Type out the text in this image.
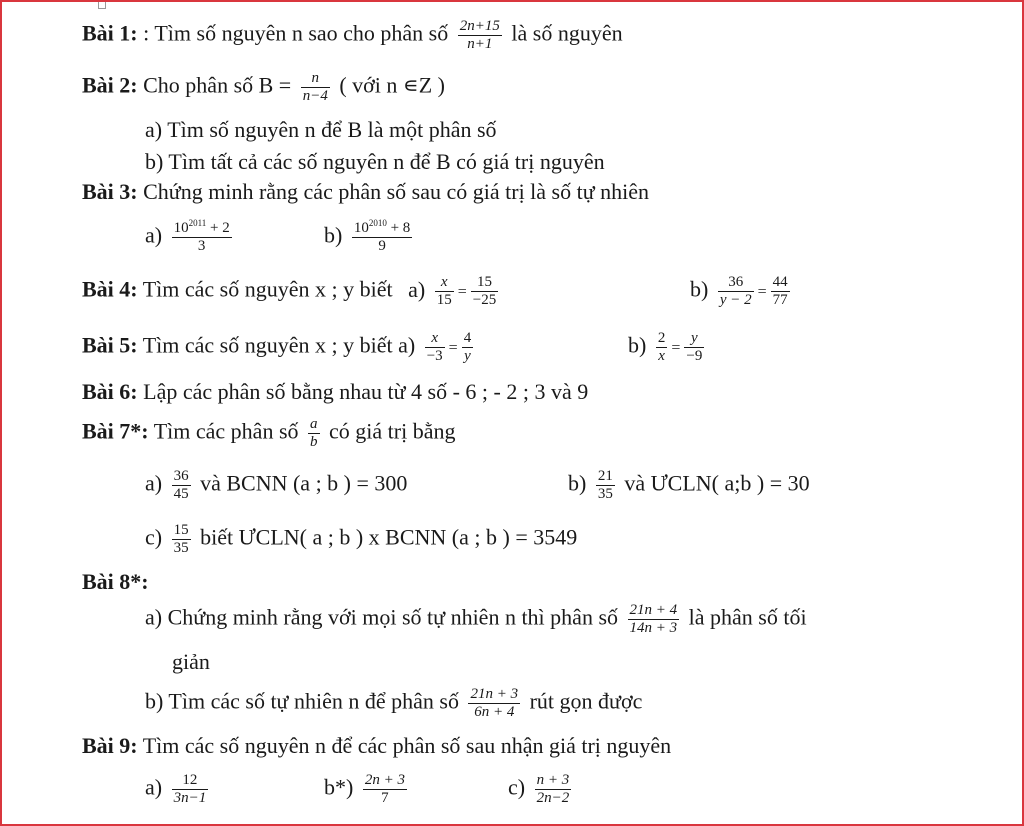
Bài 1: : Tìm số nguyên n sao cho phân số $\frac{2n+15}{n+1}$ là số nguyên
Bài 2: Cho phân số $B = \frac{n}{n-4}$ ( với n ∊Z )
a) Tìm số nguyên n để B là một phân số
b) Tìm tất cả các số nguyên n để B có giá trị nguyên
Bài 3: Chứng minh rằng các phân số sau có giá trị là số tự nhiên
$a) \frac{10^{2011} + 2}{3}$	$b) \frac{10^{2010} + 8}{9}$
Bài 4: Tìm các số nguyên x ; y biết $a) \frac{x}{15} = \frac{15}{-25}$	$b) \frac{36}{y - 2} = \frac{44}{77}$
Bài 5: Tìm các số nguyên x ; y biết $a) \frac{x}{-3} = \frac{4}{y}$	$b) \frac{2}{x} = \frac{y}{-9}$
Bài 6: Lập các phân số bằng nhau từ 4 số - 6 ; - 2 ; 3 và 9
Bài 7*: Tìm các phân số $\frac{a}{b}$ có giá trị bằng
$a) \frac{36}{45}$ và BCNN (a ; b ) = 300	$b) \frac{21}{35}$ và ƯCLN( a;b ) = 30
$c) \frac{15}{35}$ biết ƯCLN( a ; b ) x BCNN (a ; b ) = 3549
Bài 8*:
a) Chứng minh rằng với mọi số tự nhiên n thì phân số $\frac{21n + 4}{14n + 3}$ là phân số tối
giản
b) Tìm các số tự nhiên n để phân số $\frac{21n + 3}{6n + 4}$ rút gọn được
Bài 9: Tìm các số nguyên n để các phân số sau nhận giá trị nguyên
$a) \frac{12}{3n-1}$	$b*) \frac{2n + 3}{7}$	$c) \frac{n + 3}{2n-2}$
